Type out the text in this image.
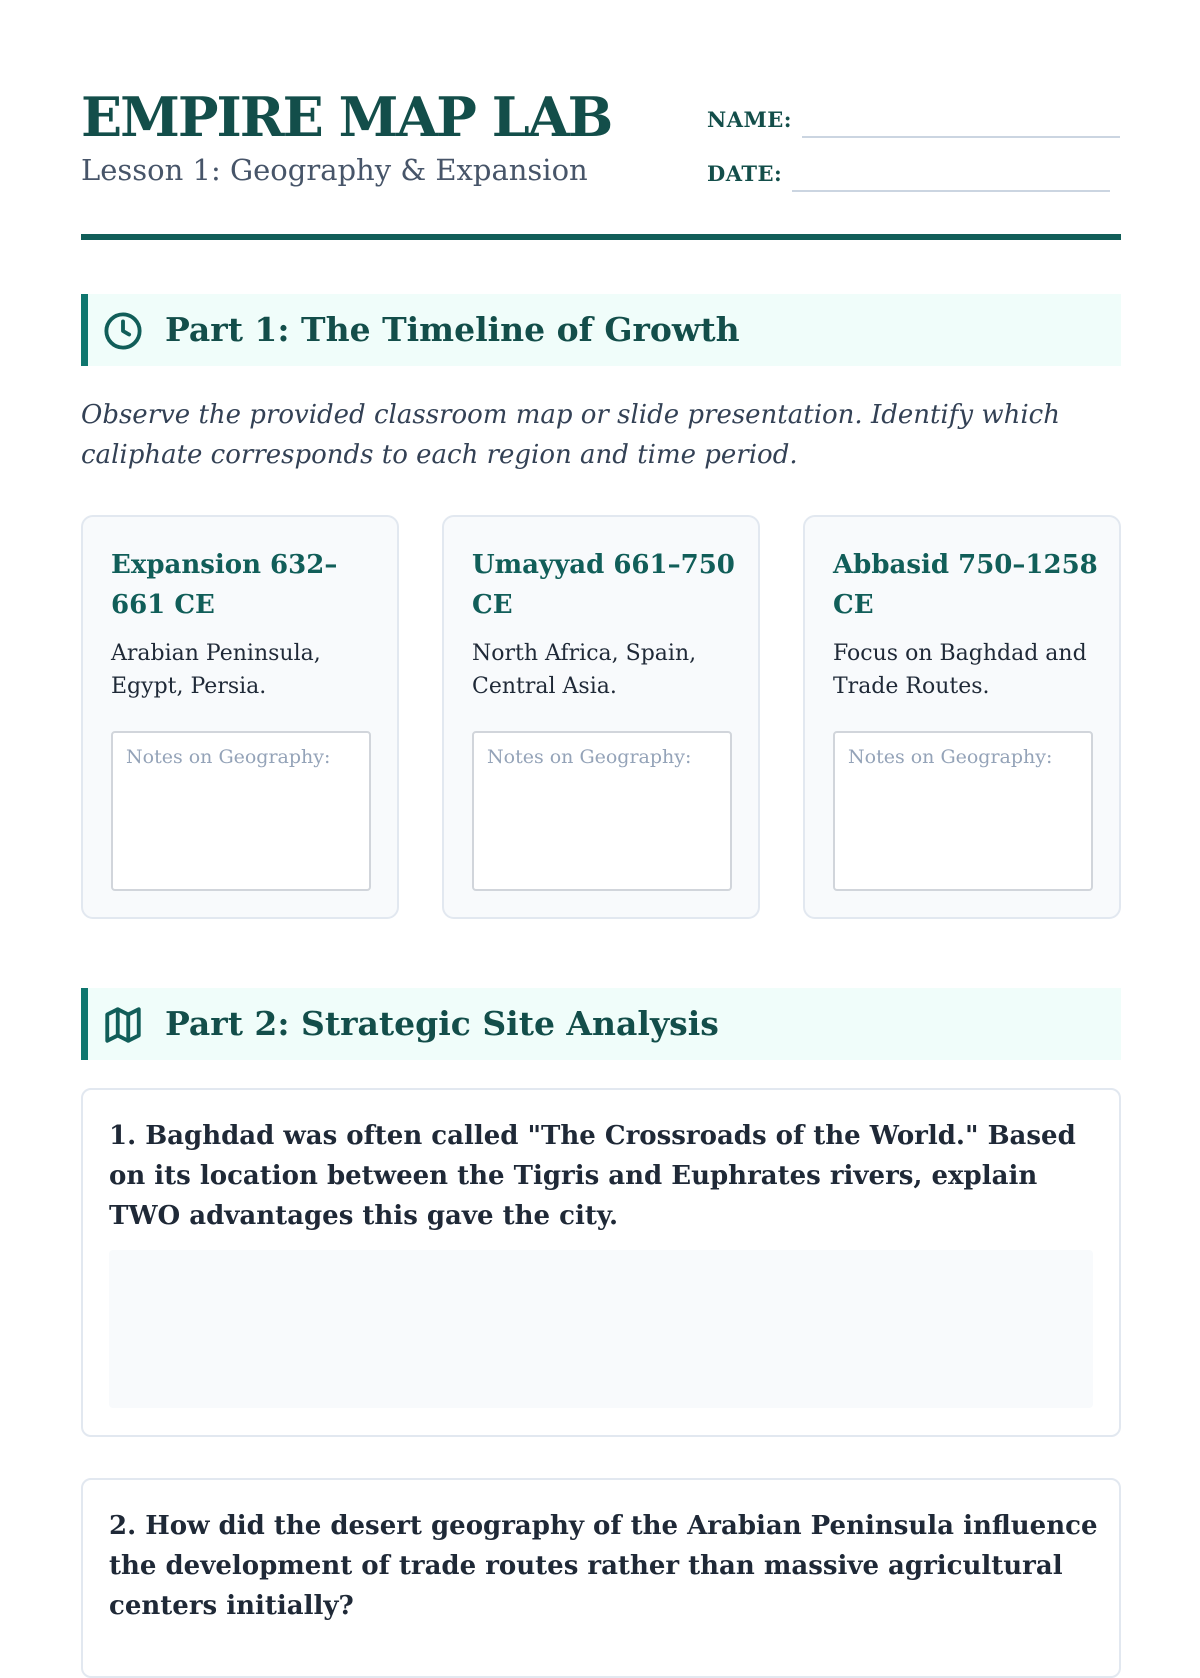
EMPIRE MAP LAB
Lesson 1: Geography & Expansion
NAME:
DATE:
Part 1: The Timeline of Growth

Observe the provided classroom map or slide presentation. Identify which caliphate corresponds to each region and time period.

Expansion 632–661 CE

Arabian Peninsula, Egypt, Persia.

Notes on Geography:
Umayyad 661–750 CE

North Africa, Spain, Central Asia.

Notes on Geography:
Abbasid 750–1258 CE

Focus on Baghdad and Trade Routes.

Notes on Geography:
Part 2: Strategic Site Analysis

1. Baghdad was often called "The Crossroads of the World." Based on its location between the Tigris and Euphrates rivers, explain TWO advantages this gave the city.

2. How did the desert geography of the Arabian Peninsula influence the development of trade routes rather than massive agricultural centers initially?
